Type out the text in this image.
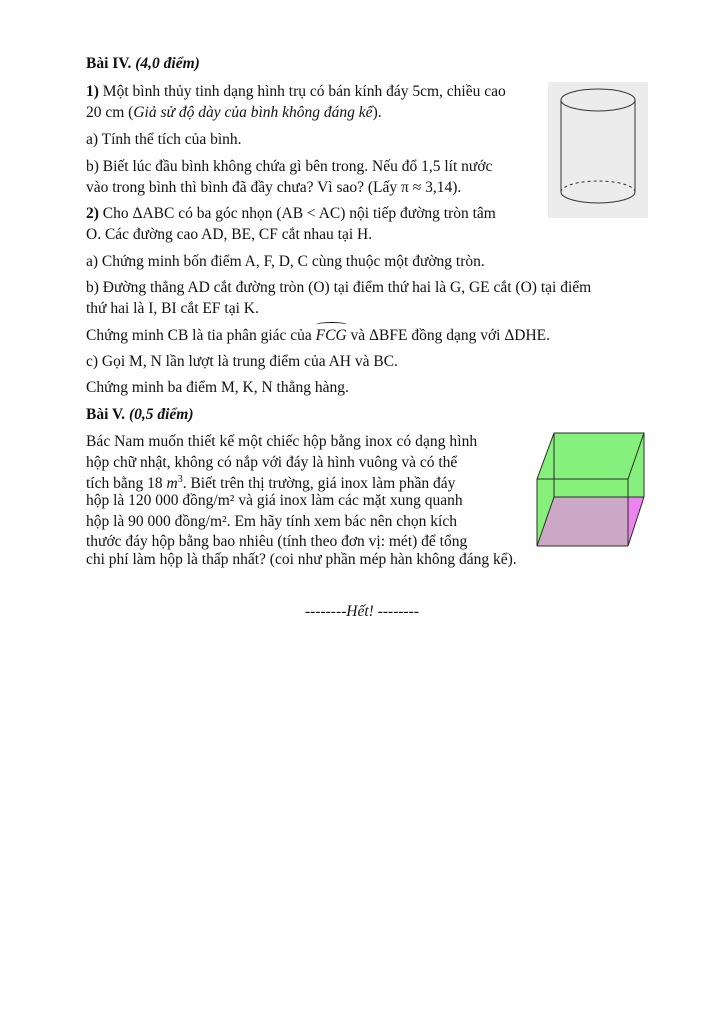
Bài IV. (4,0 điểm)

1) Một bình thủy tinh dạng hình trụ có bán kính đáy 5cm, chiều cao

20 cm (Giả sử độ dày của bình không đáng kể).

a) Tính thể tích của bình.

b) Biết lúc đầu bình không chứa gì bên trong. Nếu đổ 1,5 lít nước

vào trong bình thì bình đã đầy chưa? Vì sao? (Lấy π ≈ 3,14).

2) Cho ΔABC có ba góc nhọn (AB < AC) nội tiếp đường tròn tâm

O. Các đường cao AD, BE, CF cắt nhau tại H.

a) Chứng minh bốn điểm A, F, D, C cùng thuộc một đường tròn.

b) Đường thẳng AD cắt đường tròn (O) tại điểm thứ hai là G, GE cắt (O) tại điểm

thứ hai là I, BI cắt EF tại K.

Chứng minh CB là tia phân giác của FCG và ΔBFE đồng dạng với ΔDHE.

c) Gọi M, N lần lượt là trung điểm của AH và BC.

Chứng minh ba điểm M, K, N thẳng hàng.

Bài V. (0,5 điểm)

Bác Nam muốn thiết kế một chiếc hộp bằng inox có dạng hình

hộp chữ nhật, không có nắp với đáy là hình vuông và có thể

tích bằng 18 $m^3$. Biết trên thị trường, giá inox làm phần đáy

hộp là 120 000 đồng/m² và giá inox làm các mặt xung quanh

hộp là 90 000 đồng/m². Em hãy tính xem bác nên chọn kích

thước đáy hộp bằng bao nhiêu (tính theo đơn vị: mét) để tổng

chi phí làm hộp là thấp nhất? (coi như phần mép hàn không đáng kể).

--------Hết! --------
